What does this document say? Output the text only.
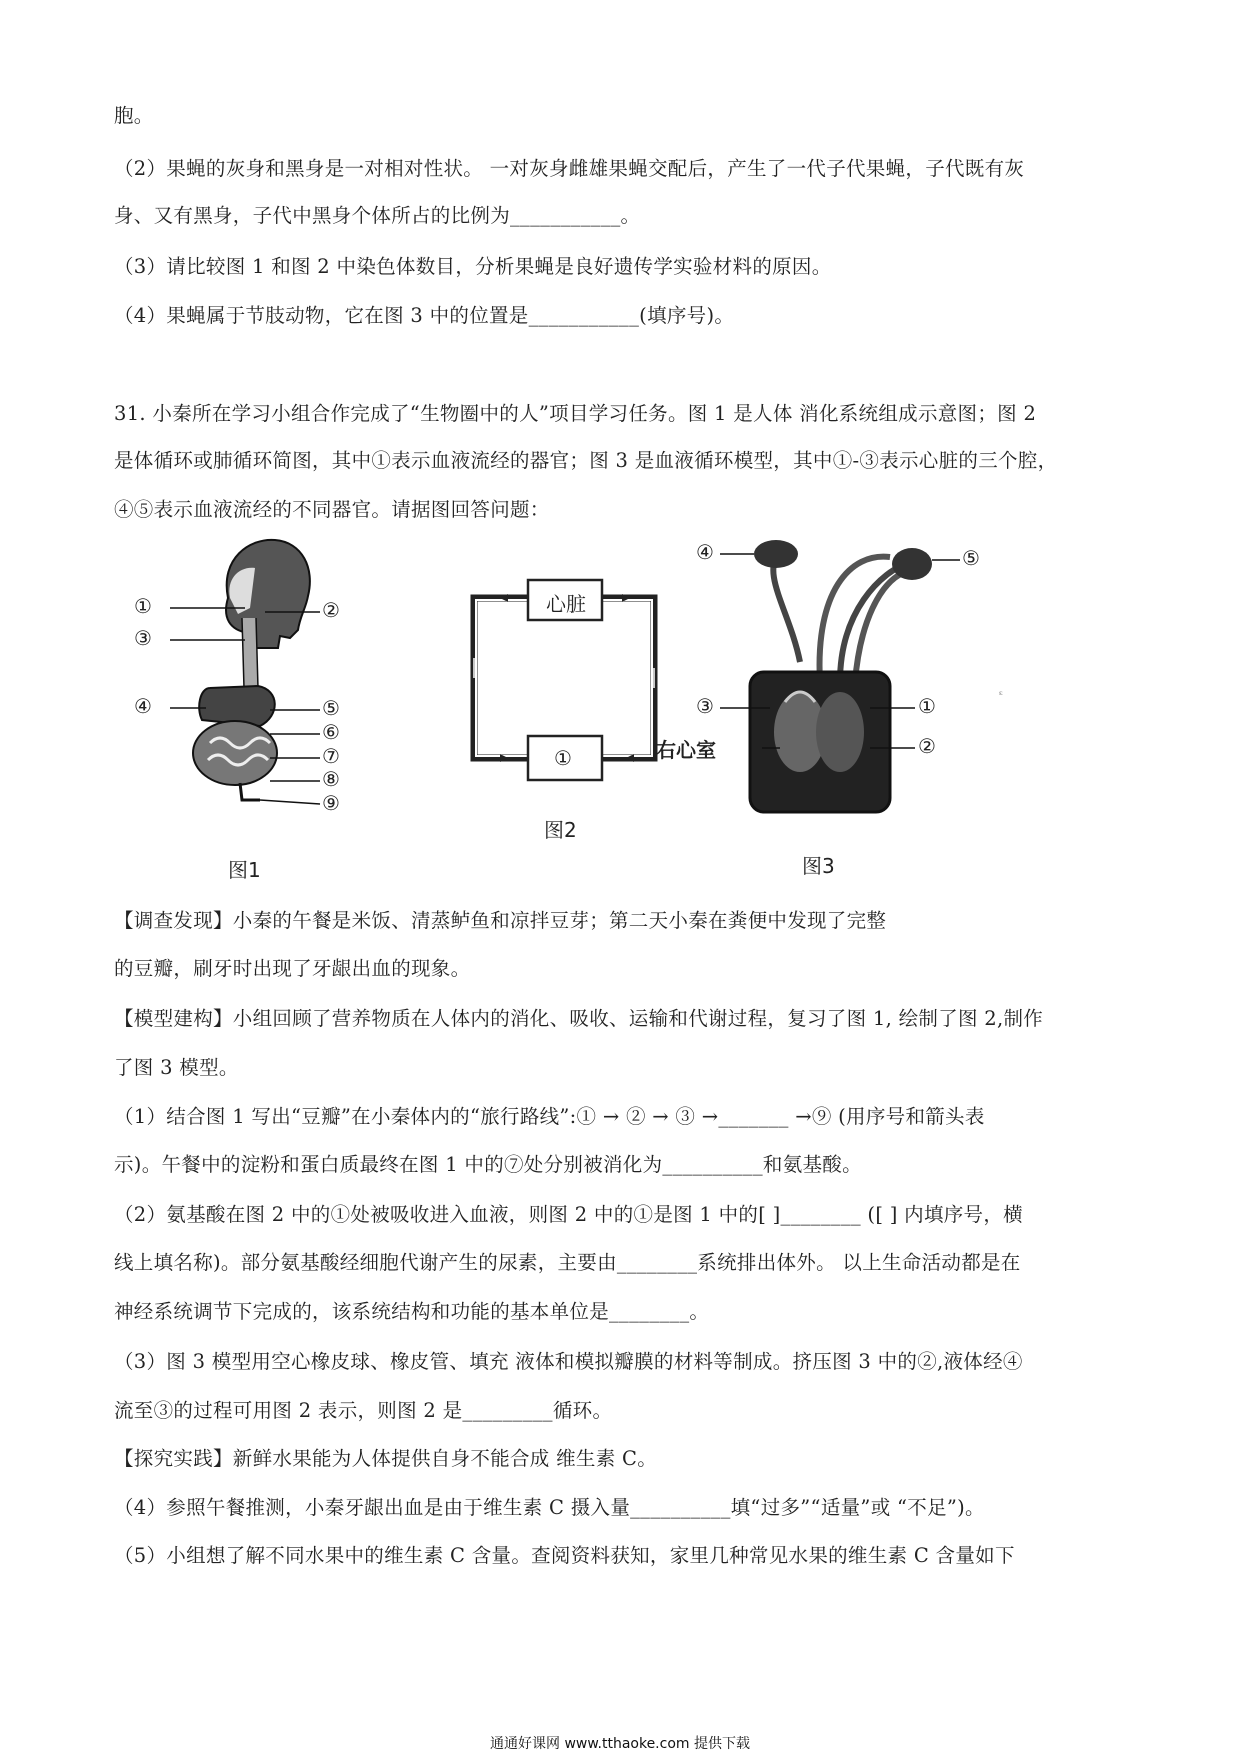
胞。
（2）果蝇的灰身和黑身是一对相对性状。 一对灰身雌雄果蝇交配后，产生了一代子代果蝇，子代既有灰
身、又有黑身，子代中黑身个体所占的比例为___________。
（3）请比较图 1 和图 2 中染色体数目，分析果蝇是良好遗传学实验材料的原因。
（4）果蝇属于节肢动物，它在图 3 中的位置是___________(填序号)。
31. 小秦所在学习小组合作完成了“生物圈中的人”项目学习任务。图 1 是人体 消化系统组成示意图；图 2
是体循环或肺循环简图，其中①表示血液流经的器官；图 3 是血液循环模型，其中①-③表示心脏的三个腔，
④⑤表示血液流经的不同器官。请据图回答问题：
①	②
③
④	⑤
⑥
⑦
⑧
⑨
图1
心脏
①
图2
④	⑤
③	①
②
右心室
图3
ᵋ
【调查发现】小秦的午餐是米饭、清蒸鲈鱼和凉拌豆芽；第二天小秦在粪便中发现了完整
的豆瓣，刷牙时出现了牙龈出血的现象。
【模型建构】小组回顾了营养物质在人体内的消化、吸收、运输和代谢过程，复习了图 1, 绘制了图 2,制作
了图 3 模型。
（1）结合图 1 写出“豆瓣”在小秦体内的“旅行路线”:① → ② → ③ →_______ →⑨ (用序号和箭头表
示)。午餐中的淀粉和蛋白质最终在图 1 中的⑦处分别被消化为__________和氨基酸。
（2）氨基酸在图 2 中的①处被吸收进入血液，则图 2 中的①是图 1 中的[ ]________ ([ ] 内填序号，横
线上填名称)。部分氨基酸经细胞代谢产生的尿素，主要由________系统排出体外。 以上生命活动都是在
神经系统调节下完成的，该系统结构和功能的基本单位是________。
（3）图 3 模型用空心橡皮球、橡皮管、填充 液体和模拟瓣膜的材料等制成。挤压图 3 中的②,液体经④
流至③的过程可用图 2 表示，则图 2 是_________循环。
【探究实践】新鲜水果能为人体提供自身不能合成 维生素 C。
（4）参照午餐推测，小秦牙龈出血是由于维生素 C 摄入量__________填“过多”“适量”或 “不足”)。
（5）小组想了解不同水果中的维生素 C 含量。查阅资料获知，家里几种常见水果的维生素 C 含量如下
通通好课网 www.tthaoke.com 提供下载
